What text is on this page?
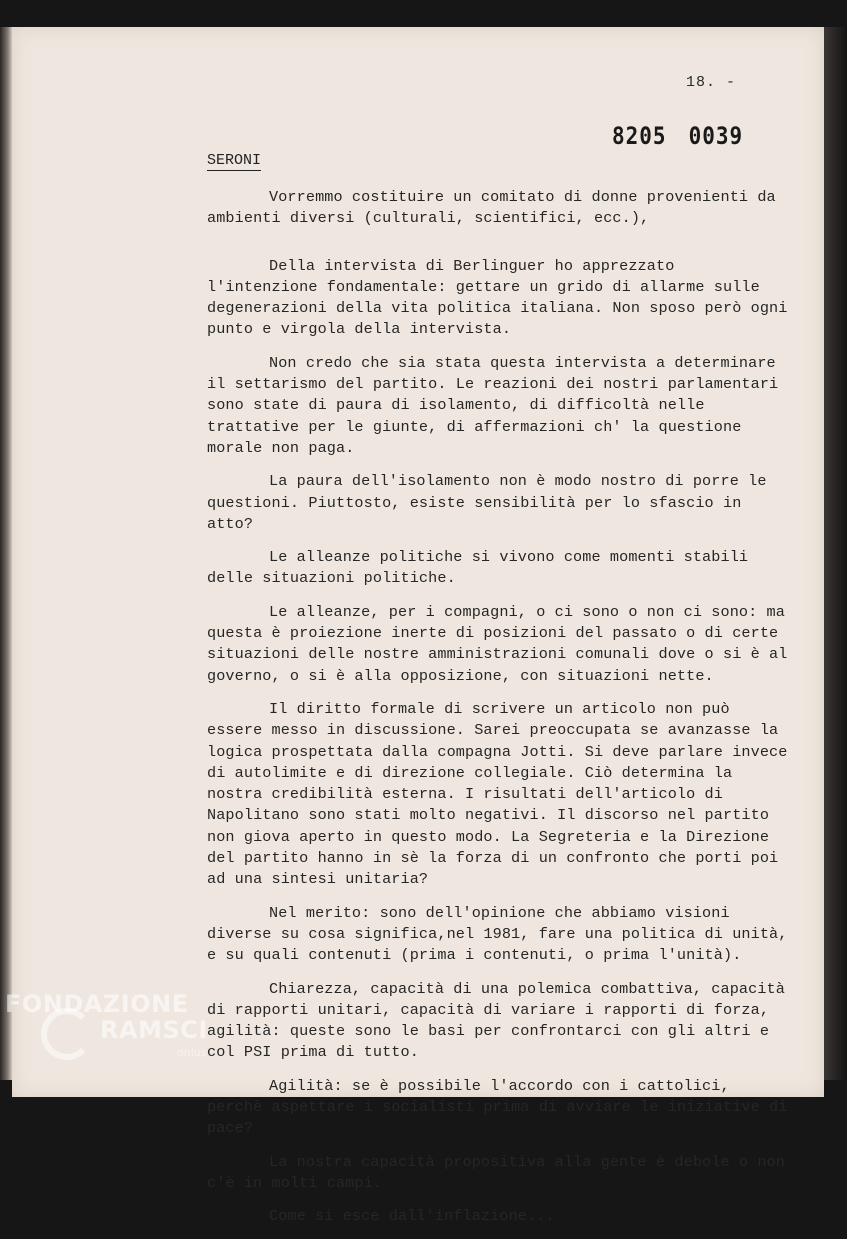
18. -
8205 0039
SERONI

Vorremmo costituire un comitato di donne provenienti da ambienti diversi (culturali, scientifici, ecc.),

Della intervista di Berlinguer ho apprezzato l'intenzione fondamentale: gettare un grido di allarme sulle degenerazioni della vita politica italiana. Non sposo però ogni punto e virgola della intervista.

Non credo che sia stata questa intervista a determinare il settarismo del partito. Le reazioni dei nostri parlamentari sono state di paura di isolamento, di difficoltà nelle trattative per le giunte, di affermazioni ch' la questione morale non paga.

La paura dell'isolamento non è modo nostro di porre le questioni. Piuttosto, esiste sensibilità per lo sfascio in atto?

Le alleanze politiche si vivono come momenti stabili delle situazioni politiche.

Le alleanze, per i compagni, o ci sono o non ci sono: ma questa è proiezione inerte di posizioni del passato o di certe situazioni delle nostre amministrazioni comunali dove o si è al governo, o si è alla opposizione, con situazioni nette.

Il diritto formale di scrivere un articolo non può essere messo in discussione. Sarei preoccupata se avanzasse la logica prospettata dalla compagna Jotti. Si deve parlare invece di autolimite e di direzione collegiale. Ciò determina la nostra credibilità esterna. I risultati dell'articolo di Napolitano sono stati molto negativi. Il discorso nel partito non giova aperto in questo modo. La Segreteria e la Direzione del partito hanno in sè la forza di un confronto che porti poi ad una sintesi unitaria?

Nel merito: sono dell'opinione che abbiamo visioni diverse su cosa significa,nel 1981, fare una politica di unità, e su quali contenuti (prima i contenuti, o prima l'unità).

Chiarezza, capacità di una polemica combattiva, capacità di rapporti unitari, capacità di variare i rapporti di forza, agilità: queste sono le basi per confrontarci con gli altri e col PSI prima di tutto.

Agilità: se è possibile l'accordo con i cattolici, perchè aspettare i socialisti prima di avviare le iniziative di pace?

La nostra capacità propositiva alla gente è debole o non c'è in molti campi.

Come si esce dall'inflazione...

FONDAZIONE
RAMSCI
onlus
